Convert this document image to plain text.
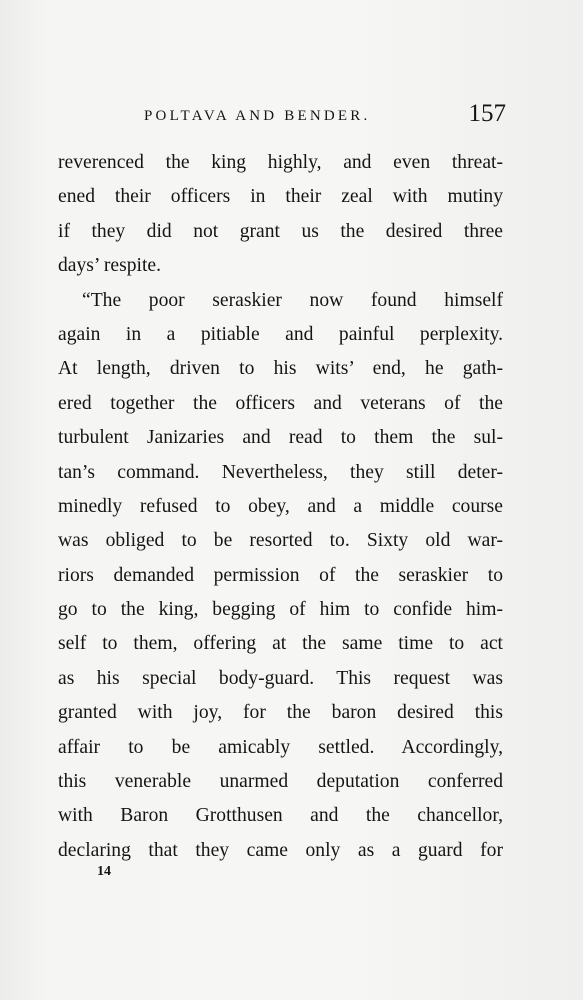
POLTAVA AND BENDER.	157
reverenced the king highly, and even threat-
ened their officers in their zeal with mutiny
if they did not grant us the desired three
days’ respite.
“The poor seraskier now found himself
again in a pitiable and painful perplexity.
At length, driven to his wits’ end, he gath-
ered together the officers and veterans of the
turbulent Janizaries and read to them the sul-
tan’s command. Nevertheless, they still deter-
minedly refused to obey, and a middle course
was obliged to be resorted to. Sixty old war-
riors demanded permission of the seraskier to
go to the king, begging of him to confide him-
self to them, offering at the same time to act
as his special body-guard. This request was
granted with joy, for the baron desired this
affair to be amicably settled. Accordingly,
this venerable unarmed deputation conferred
with Baron Grotthusen and the chancellor,
declaring that they came only as a guard for
14
